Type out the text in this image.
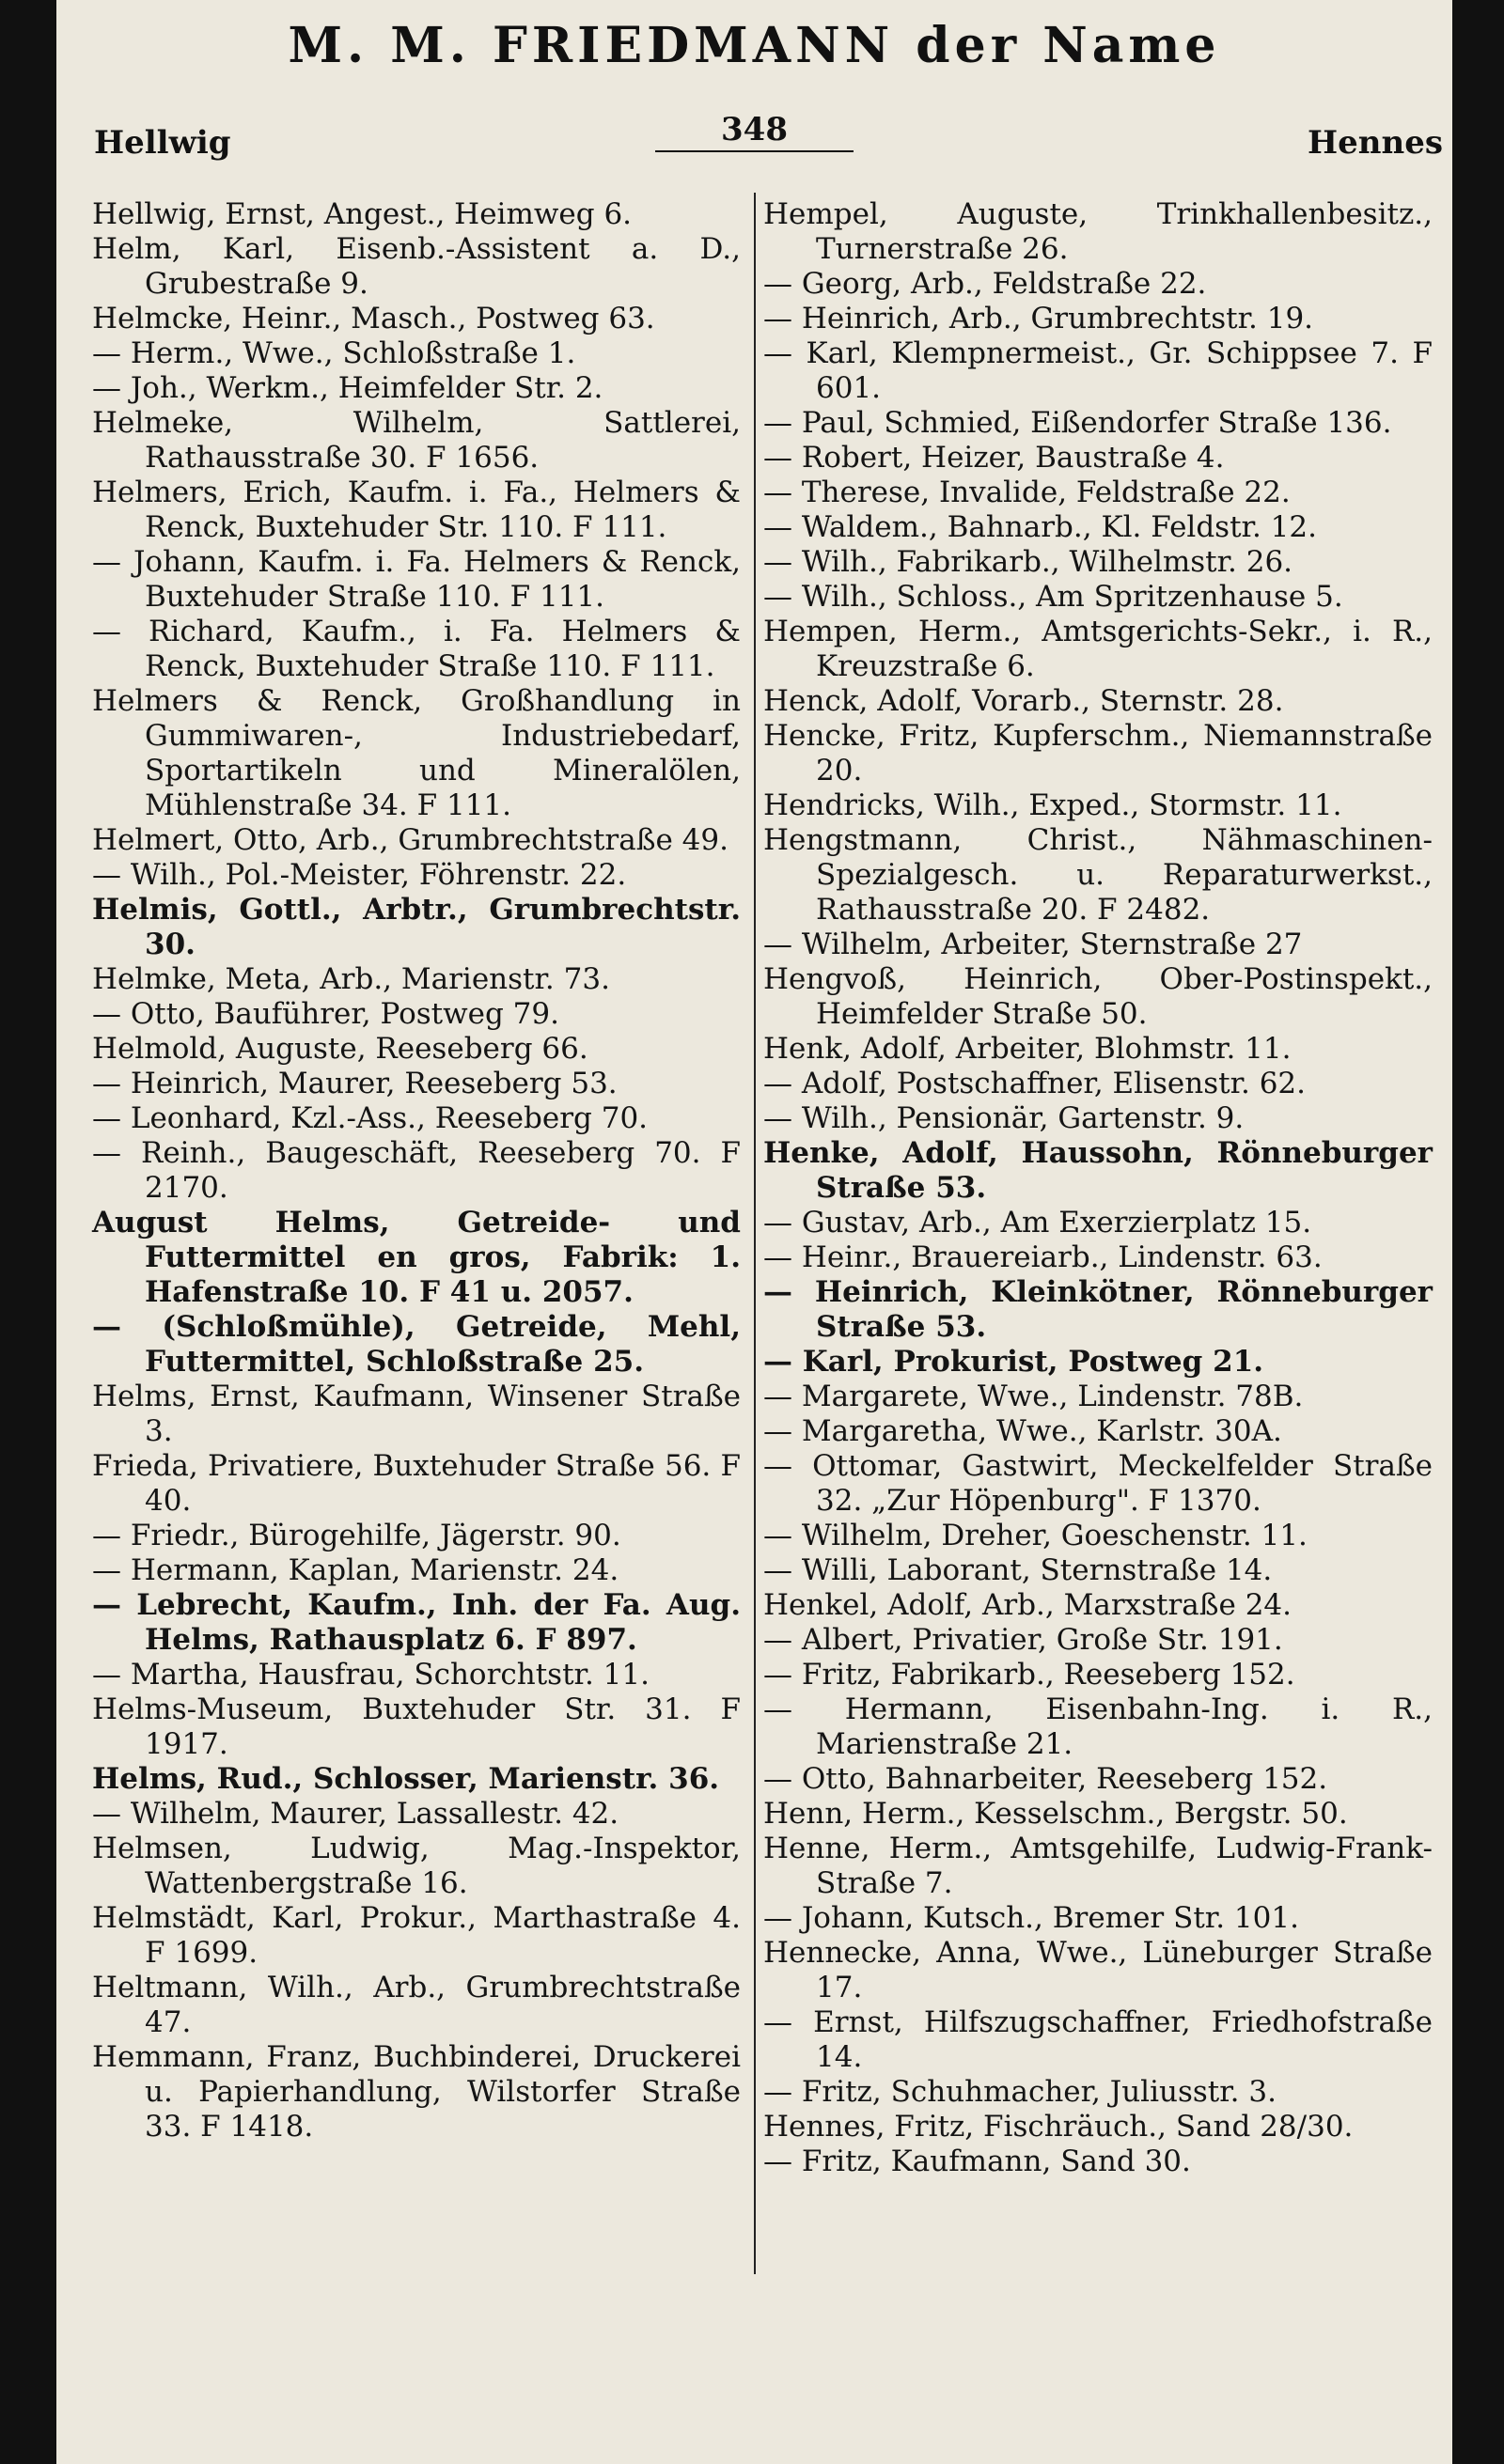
M. M. FRIEDMANN der Name
Hellwig	348	Hennes

Hellwig, Ernst, Angest., Heimweg 6.

Helm, Karl, Eisenb.-Assistent a. D., Grubestraße 9.

Helmcke, Heinr., Masch., Postweg 63.

— Herm., Wwe., Schloßstraße 1.

— Joh., Werkm., Heimfelder Str. 2.

Helmeke, Wilhelm, Sattlerei, Rathausstraße 30. F 1656.

Helmers, Erich, Kaufm. i. Fa., Helmers & Renck, Buxtehuder Str. 110. F 111.

— Johann, Kaufm. i. Fa. Helmers & Renck, Buxtehuder Straße 110. F 111.

— Richard, Kaufm., i. Fa. Helmers & Renck, Buxtehuder Straße 110. F 111.

Helmers & Renck, Großhandlung in Gummiwaren-, Industriebedarf, Sportartikeln und Mineralölen, Mühlenstraße 34. F 111.

Helmert, Otto, Arb., Grumbrechtstraße 49.

— Wilh., Pol.-Meister, Föhrenstr. 22.

Helmis, Gottl., Arbtr., Grumbrechtstr. 30.

Helmke, Meta, Arb., Marienstr. 73.

— Otto, Bauführer, Postweg 79.

Helmold, Auguste, Reeseberg 66.

— Heinrich, Maurer, Reeseberg 53.

— Leonhard, Kzl.-Ass., Reeseberg 70.

— Reinh., Baugeschäft, Reeseberg 70. F 2170.

August Helms, Getreide- und Futtermittel en gros, Fabrik: 1. Hafenstraße 10. F 41 u. 2057.

— (Schloßmühle), Getreide, Mehl, Futtermittel, Schloßstraße 25.

Helms, Ernst, Kaufmann, Winsener Straße 3.

Frieda, Privatiere, Buxtehuder Straße 56. F 40.

— Friedr., Bürogehilfe, Jägerstr. 90.

— Hermann, Kaplan, Marienstr. 24.

— Lebrecht, Kaufm., Inh. der Fa. Aug. Helms, Rathausplatz 6. F 897.

— Martha, Hausfrau, Schorchtstr. 11.

Helms-Museum, Buxtehuder Str. 31. F 1917.

Helms, Rud., Schlosser, Marienstr. 36.

— Wilhelm, Maurer, Lassallestr. 42.

Helmsen, Ludwig, Mag.-Inspektor, Wattenbergstraße 16.

Helmstädt, Karl, Prokur., Marthastraße 4. F 1699.

Heltmann, Wilh., Arb., Grumbrechtstraße 47.

Hemmann, Franz, Buchbinderei, Druckerei u. Papierhandlung, Wilstorfer Straße 33. F 1418.

Hempel, Auguste, Trinkhallenbesitz., Turnerstraße 26.

— Georg, Arb., Feldstraße 22.

— Heinrich, Arb., Grumbrechtstr. 19.

— Karl, Klempnermeist., Gr. Schippsee 7. F 601.

— Paul, Schmied, Eißendorfer Straße 136.

— Robert, Heizer, Baustraße 4.

— Therese, Invalide, Feldstraße 22.

— Waldem., Bahnarb., Kl. Feldstr. 12.

— Wilh., Fabrikarb., Wilhelmstr. 26.

— Wilh., Schloss., Am Spritzenhause 5.

Hempen, Herm., Amtsgerichts-Sekr., i. R., Kreuzstraße 6.

Henck, Adolf, Vorarb., Sternstr. 28.

Hencke, Fritz, Kupferschm., Niemannstraße 20.

Hendricks, Wilh., Exped., Stormstr. 11.

Hengstmann, Christ., Nähmaschinen-Spezialgesch. u. Reparaturwerkst., Rathausstraße 20. F 2482.

— Wilhelm, Arbeiter, Sternstraße 27

Hengvoß, Heinrich, Ober-Postinspekt., Heimfelder Straße 50.

Henk, Adolf, Arbeiter, Blohmstr. 11.

— Adolf, Postschaffner, Elisenstr. 62.

— Wilh., Pensionär, Gartenstr. 9.

Henke, Adolf, Haussohn, Rönneburger Straße 53.

— Gustav, Arb., Am Exerzierplatz 15.

— Heinr., Brauereiarb., Lindenstr. 63.

— Heinrich, Kleinkötner, Rönneburger Straße 53.

— Karl, Prokurist, Postweg 21.

— Margarete, Wwe., Lindenstr. 78B.

— Margaretha, Wwe., Karlstr. 30A.

— Ottomar, Gastwirt, Meckelfelder Straße 32. „Zur Höpenburg". F 1370.

— Wilhelm, Dreher, Goeschenstr. 11.

— Willi, Laborant, Sternstraße 14.

Henkel, Adolf, Arb., Marxstraße 24.

— Albert, Privatier, Große Str. 191.

— Fritz, Fabrikarb., Reeseberg 152.

— Hermann, Eisenbahn-Ing. i. R., Marienstraße 21.

— Otto, Bahnarbeiter, Reeseberg 152.

Henn, Herm., Kesselschm., Bergstr. 50.

Henne, Herm., Amtsgehilfe, Ludwig-Frank-Straße 7.

— Johann, Kutsch., Bremer Str. 101.

Hennecke, Anna, Wwe., Lüneburger Straße 17.

— Ernst, Hilfszugschaffner, Friedhofstraße 14.

— Fritz, Schuhmacher, Juliusstr. 3.

Hennes, Fritz, Fischräuch., Sand 28/30.

— Fritz, Kaufmann, Sand 30.
